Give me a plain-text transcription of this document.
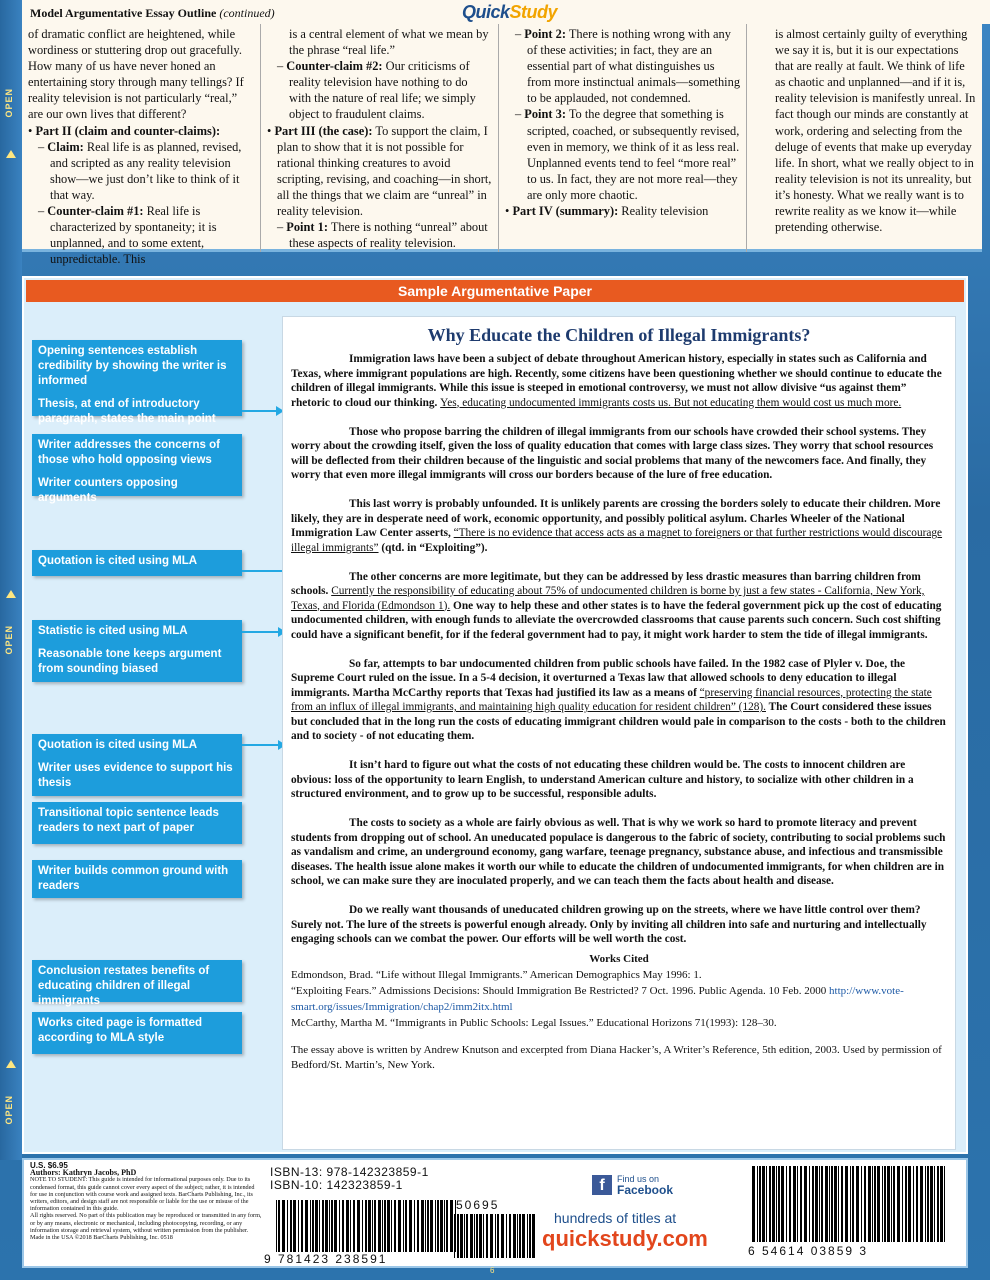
OPEN
OPEN
OPEN
Model Argumentative Essay Outline (continued)	QuickStudy

of dramatic conflict are heightened, while wordiness or stuttering drop out gracefully. How many of us have never honed an entertaining story through many tellings? If reality television is not particularly “real,” are our own lives that different?

• Part II (claim and counter-claims):

– Claim: Real life is as planned, revised, and scripted as any reality television show—we just don’t like to think of it that way.

– Counter-claim #1: Real life is characterized by spontaneity; it is unplanned, and to some extent, unpredictable. This

is a central element of what we mean by the phrase “real life.”

– Counter-claim #2: Our criticisms of reality television have nothing to do with the nature of real life; we simply object to fraudulent claims.

• Part III (the case): To support the claim, I plan to show that it is not possible for rational thinking creatures to avoid scripting, revising, and coaching—in short, all the things that we claim are “unreal” in reality television.

– Point 1: There is nothing “unreal” about these aspects of reality television.

– Point 2: There is nothing wrong with any of these activities; in fact, they are an essential part of what distinguishes us from more instinctual animals—something to be applauded, not condemned.

– Point 3: To the degree that something is scripted, coached, or subsequently revised, even in memory, we think of it as less real. Unplanned events tend to feel “more real” to us. In fact, they are not more real—they are only more chaotic.

• Part IV (summary): Reality television

is almost certainly guilty of everything we say it is, but it is our expectations that are really at fault. We think of life as chaotic and unplanned—and if it is, reality television is manifestly unreal. In fact though our minds are constantly at work, ordering and selecting from the deluge of events that make up everyday life. In short, what we really object to in reality television is not its unreality, but it’s honesty. What we really want is to rewrite reality as we know it—while pretending otherwise.

Sample Argumentative Paper

Opening sentences establish credibility by showing the writer is informed

Thesis, at end of introductory paragraph, states the main point

Writer addresses the concerns of those who hold opposing views

Writer counters opposing arguments

Quotation is cited using MLA

Statistic is cited using MLA

Reasonable tone keeps argument from sounding biased

Quotation is cited using MLA

Writer uses evidence to support his thesis

Transitional topic sentence leads readers to next part of paper

Writer builds common ground with readers

Conclusion restates benefits of educating children of illegal immigrants

Works cited page is formatted according to MLA style

Why Educate the Children of Illegal Immigrants?

Immigration laws have been a subject of debate throughout American history, especially in states such as California and Texas, where immigrant populations are high. Recently, some citizens have been questioning whether we should continue to educate the children of illegal immigrants. While this issue is steeped in emotional controversy, we must not allow divisive “us against them” rhetoric to cloud our thinking. Yes, educating undocumented immigrants costs us. But not educating them would cost us much more.

Those who propose barring the children of illegal immigrants from our schools have crowded their school systems. They worry about the crowding itself, given the loss of quality education that comes with large class sizes. They worry that school resources will be deflected from their children because of the linguistic and social problems that many of the newcomers face. And finally, they worry that even more illegal immigrants will cross our borders because of the lure of free education.

This last worry is probably unfounded. It is unlikely parents are crossing the borders solely to educate their children. More likely, they are in desperate need of work, economic opportunity, and possibly political asylum. Charles Wheeler of the National Immigration Law Center asserts, “There is no evidence that access acts as a magnet to foreigners or that further restrictions would discourage illegal immigrants” (qtd. in “Exploiting”).

The other concerns are more legitimate, but they can be addressed by less drastic measures than barring children from schools. Currently the responsibility of educating about 75% of undocumented children is borne by just a few states - California, New York, Texas, and Florida (Edmondson 1). One way to help these and other states is to have the federal government pick up the cost of educating undocumented children, with enough funds to alleviate the overcrowded classrooms that cause parents such concern. Such cost shifting could have a significant benefit, for if the federal government had to pay, it might work harder to stem the tide of illegal immigrants.

So far, attempts to bar undocumented children from public schools have failed. In the 1982 case of Plyler v. Doe, the Supreme Court ruled on the issue. In a 5-4 decision, it overturned a Texas law that allowed schools to deny education to illegal immigrants. Martha McCarthy reports that Texas had justified its law as a means of “preserving financial resources, protecting the state from an influx of illegal immigrants, and maintaining high quality education for resident children” (128). The Court considered these issues but concluded that in the long run the costs of educating immigrant children would pale in comparison to the costs - both to the children and to society - of not educating them.

It isn’t hard to figure out what the costs of not educating these children would be. The costs to innocent children are obvious: loss of the opportunity to learn English, to understand American culture and history, to socialize with other children in a structured environment, and to grow up to be successful, responsible adults.

The costs to society as a whole are fairly obvious as well. That is why we work so hard to promote literacy and prevent students from dropping out of school. An uneducated populace is dangerous to the fabric of society, contributing to social problems such as vandalism and crime, an underground economy, gang warfare, teenage pregnancy, substance abuse, and infectious and transmissible diseases. The health issue alone makes it worth our while to educate the children of undocumented immigrants, for when children are in school, we can make sure they are inoculated properly, and we can teach them the facts about health and disease.

Do we really want thousands of uneducated children growing up on the streets, where we have little control over them? Surely not. The lure of the streets is powerful enough already. Only by inviting all children into safe and nurturing and intellectually engaging schools can we combat the power. Our efforts will be well worth the cost.

Works Cited
Edmondson, Brad. “Life without Illegal Immigrants.” American Demographics May 1996: 1.
“Exploiting Fears.” Admissions Decisions: Should Immigration Be Restricted? 7 Oct. 1996. Public Agenda. 10 Feb. 2000 http://www.vote-smart.org/issues/Immigration/chap2/imm2itx.html
McCarthy, Martha M. “Immigrants in Public Schools: Legal Issues.” Educational Horizons 71(1993): 128–30.
The essay above is written by Andrew Knutson and excerpted from Diana Hacker’s, A Writer’s Reference, 5th edition, 2003. Used by permission of Bedford/St. Martin’s, New York.
U.S. $6.95
Authors: Kathryn Jacobs, PhD
NOTE TO STUDENT: This guide is intended for informational purposes only. Due to its condensed format, this guide cannot cover every aspect of the subject; rather, it is intended for use in conjunction with course work and assigned texts. BarCharts Publishing, Inc., its writers, editors, and design staff are not responsible or liable for the use or misuse of the information contained in this guide.
All rights reserved. No part of this publication may be reproduced or transmitted in any form, or by any means, electronic or mechanical, including photocopying, recording, or any information storage and retrieval system, without written permission from the publisher. Made in the USA ©2018 BarCharts Publishing, Inc. 0518
ISBN-13: 978-142323859-1
ISBN-10: 142323859-1
9 781423 238591
50695
f	Find us on
Facebook
hundreds of titles at
quickstudy.com	6 54614 03859 3
6
